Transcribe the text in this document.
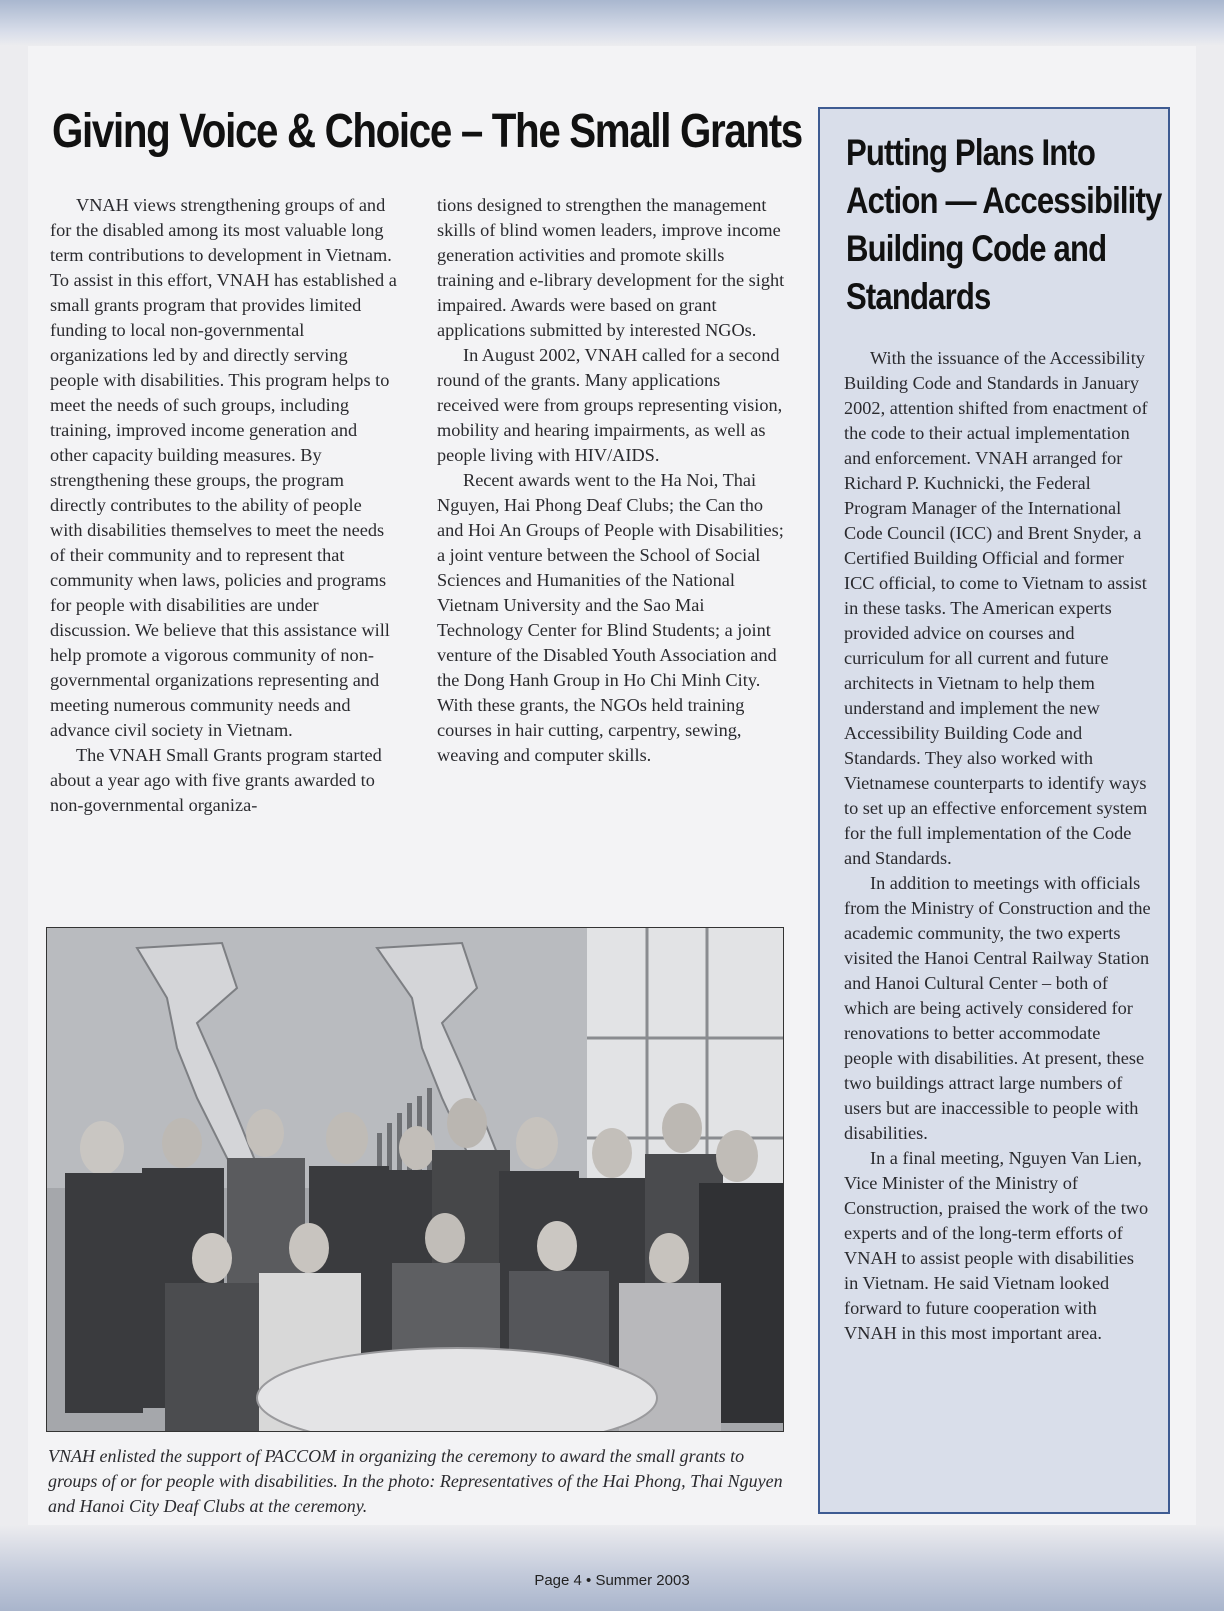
Giving Voice & Choice – The Small Grants

VNAH views strengthening groups of and for the disabled among its most valuable long term contributions to development in Vietnam. To assist in this effort, VNAH has established a small grants program that provides limited funding to local non-governmental organizations led by and directly serving people with disabilities. This program helps to meet the needs of such groups, including training, improved income generation and other capacity building measures. By strengthening these groups, the program directly contributes to the ability of people with disabilities themselves to meet the needs of their community and to represent that community when laws, policies and programs for people with disabilities are under discussion. We believe that this assistance will help promote a vigorous community of non-governmental organizations representing and meeting numerous community needs and advance civil society in Vietnam.

The VNAH Small Grants program started about a year ago with five grants awarded to non-governmental organiza-

tions designed to strengthen the management skills of blind women leaders, improve income generation activities and promote skills training and e-library development for the sight impaired. Awards were based on grant applications submitted by interested NGOs.

In August 2002, VNAH called for a second round of the grants. Many applications received were from groups representing vision, mobility and hearing impairments, as well as people living with HIV/AIDS.

Recent awards went to the Ha Noi, Thai Nguyen, Hai Phong Deaf Clubs; the Can tho and Hoi An Groups of People with Disabilities; a joint venture between the School of Social Sciences and Humanities of the National Vietnam University and the Sao Mai Technology Center for Blind Students; a joint venture of the Disabled Youth Association and the Dong Hanh Group in Ho Chi Minh City. With these grants, the NGOs held training courses in hair cutting, carpentry, sewing, weaving and computer skills.

VNAH enlisted the support of PACCOM in organizing the ceremony to award the small grants to groups of or for people with disabilities. In the photo: Representatives of the Hai Phong, Thai Nguyen and Hanoi City Deaf Clubs at the ceremony.

Putting Plans Into Action — Accessibility Building Code and Standards

With the issuance of the Accessibility Building Code and Standards in January 2002, attention shifted from enactment of the code to their actual implementation and enforcement. VNAH arranged for Richard P. Kuchnicki, the Federal Program Manager of the International Code Council (ICC) and Brent Snyder, a Certified Building Official and former ICC official, to come to Vietnam to assist in these tasks. The American experts provided advice on courses and curriculum for all current and future architects in Vietnam to help them understand and implement the new Accessibility Building Code and Standards. They also worked with Vietnamese counterparts to identify ways to set up an effective enforcement system for the full implementation of the Code and Standards.

In addition to meetings with officials from the Ministry of Construction and the academic community, the two experts visited the Hanoi Central Railway Station and Hanoi Cultural Center – both of which are being actively considered for renovations to better accommodate people with disabilities. At present, these two buildings attract large numbers of users but are inaccessible to people with disabilities.

In a final meeting, Nguyen Van Lien, Vice Minister of the Ministry of Construction, praised the work of the two experts and of the long-term efforts of VNAH to assist people with disabilities in Vietnam. He said Vietnam looked forward to future cooperation with VNAH in this most important area.

Page 4 • Summer 2003
